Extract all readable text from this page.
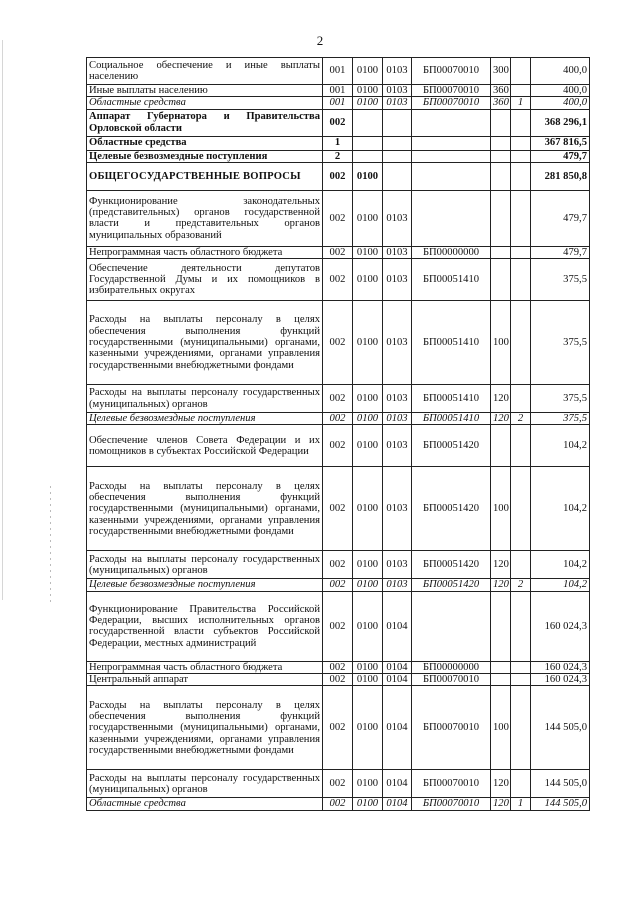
2
Социальное обеспечение и иные выплаты населению	001	0100	0103	БП00070010	300		400,0
Иные выплаты населению	001	0100	0103	БП00070010	360		400,0
Областные средства	001	0100	0103	БП00070010	360	1	400,0
Аппарат Губернатора и Правительства Орловской области	002						368 296,1
Областные средства	1						367 816,5
Целевые безвозмездные поступления	2						479,7
ОБЩЕГОСУДАРСТВЕННЫЕ ВОПРОСЫ	002	0100					281 850,8
Функционирование законодательных (представительных) органов государственной власти и представительных органов муниципальных образований	002	0100	0103				479,7
Непрограммная часть областного бюджета	002	0100	0103	БП00000000			479,7
Обеспечение деятельности депутатов Государственной Думы и их помощников в избирательных округах	002	0100	0103	БП00051410			375,5
Расходы на выплаты персоналу в целях обеспечения выполнения функций государственными (муниципальными) органами, казенными учреждениями, органами управления государственными внебюджетными фондами	002	0100	0103	БП00051410	100		375,5
Расходы на выплаты персоналу государственных (муниципальных) органов	002	0100	0103	БП00051410	120		375,5
Целевые безвозмездные поступления	002	0100	0103	БП00051410	120	2	375,5
Обеспечение членов Совета Федерации и их помощников в субъектах Российской Федерации	002	0100	0103	БП00051420			104,2
Расходы на выплаты персоналу в целях обеспечения выполнения функций государственными (муниципальными) органами, казенными учреждениями, органами управления государственными внебюджетными фондами	002	0100	0103	БП00051420	100		104,2
Расходы на выплаты персоналу государственных (муниципальных) органов	002	0100	0103	БП00051420	120		104,2
Целевые безвозмездные поступления	002	0100	0103	БП00051420	120	2	104,2
Функционирование Правительства Российской Федерации, высших исполнительных органов государственной власти субъектов Российской Федерации, местных администраций	002	0100	0104				160 024,3
Непрограммная часть областного бюджета	002	0100	0104	БП00000000			160 024,3
Центральный аппарат	002	0100	0104	БП00070010			160 024,3
Расходы на выплаты персоналу в целях обеспечения выполнения функций государственными (муниципальными) органами, казенными учреждениями, органами управления государственными внебюджетными фондами	002	0100	0104	БП00070010	100		144 505,0
Расходы на выплаты персоналу государственных (муниципальных) органов	002	0100	0104	БП00070010	120		144 505,0
Областные средства	002	0100	0104	БП00070010	120	1	144 505,0
